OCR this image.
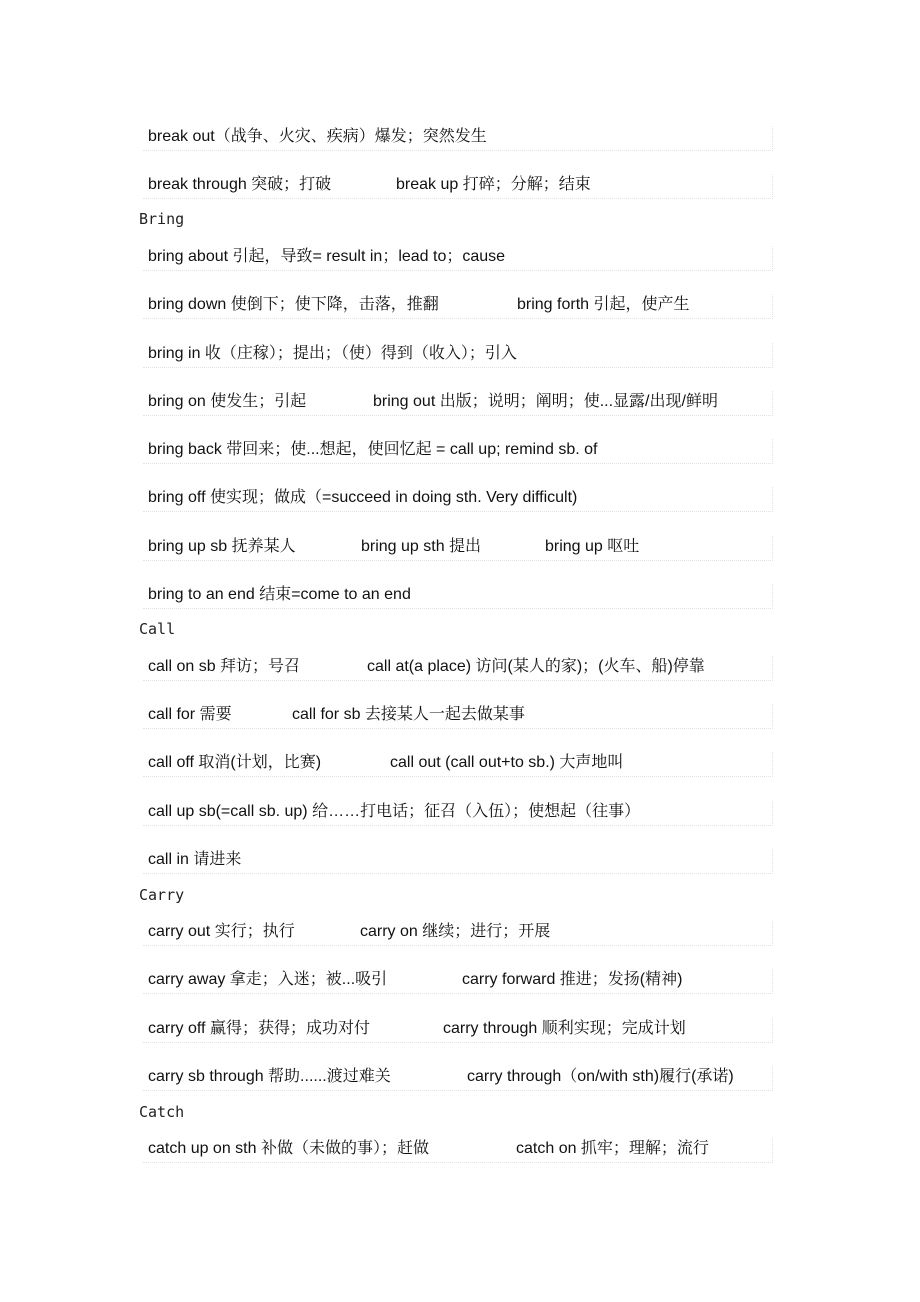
break out（战争、火灾、疾病）爆发；突然发生
break through 突破；打破	break up 打碎；分解；结束
Bring
bring about 引起，导致= result in；lead to；cause
bring down 使倒下；使下降，击落，推翻	bring forth 引起，使产生
bring in 收（庄稼）；提出；（使）得到（收入）；引入
bring on 使发生；引起	bring out 出版；说明；阐明；使...显露/出现/鲜明
bring back 带回来；使...想起，使回忆起 = call up; remind sb. of
bring off 使实现；做成（=succeed in doing sth. Very difficult)
bring up sb 抚养某人	bring up sth 提出	bring up 呕吐
bring to an end 结束=come to an end
Call
call on sb 拜访；号召	call at(a place) 访问(某人的家)；(火车、船)停靠
call for 需要	call for sb 去接某人一起去做某事
call off 取消(计划，比赛)	call out (call out+to sb.) 大声地叫
call up sb(=call sb. up) 给……打电话；征召（入伍）；使想起（往事）
call in 请进来
Carry
carry out 实行；执行	carry on 继续；进行；开展
carry away 拿走；入迷；被...吸引	carry forward 推进；发扬(精神)
carry off 赢得；获得；成功对付	carry through 顺利实现；完成计划
carry sb through 帮助......渡过难关	carry through（on/with sth)履行(承诺)
Catch
catch up on sth 补做（未做的事）；赶做	catch on 抓牢；理解；流行
